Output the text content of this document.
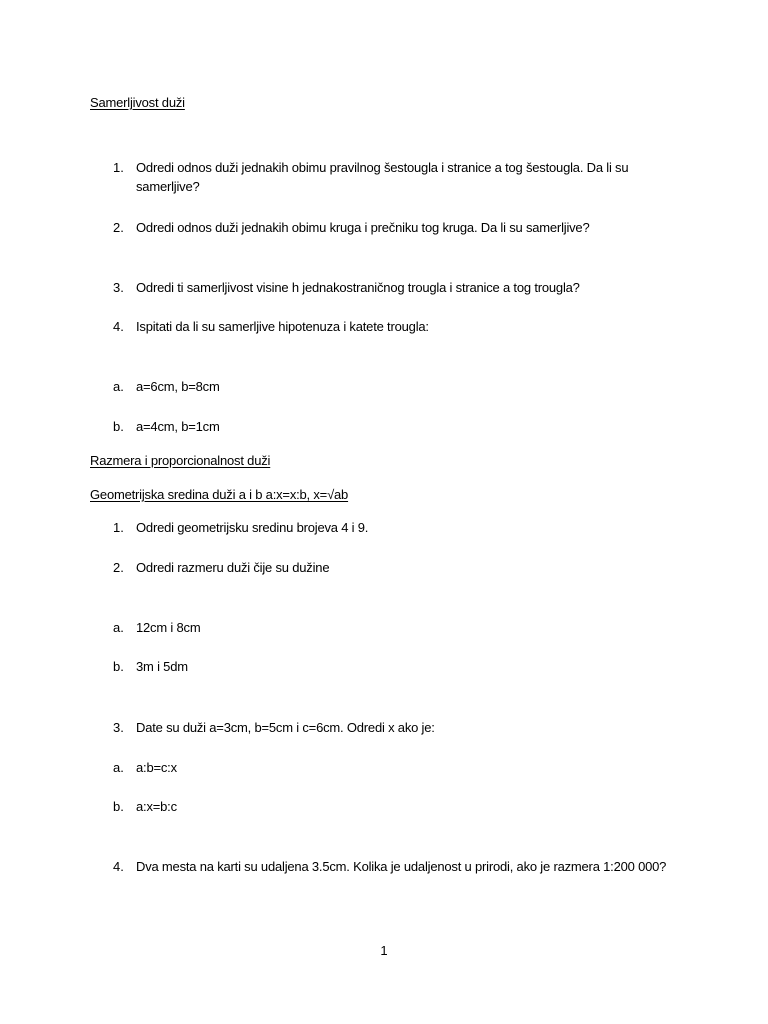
Samerljivost duži
1. Odredi odnos duži jednakih obimu pravilnog šestougla i stranice a tog šestougla. Da li su
samerljive?
2. Odredi odnos duži jednakih obimu kruga i prečniku tog kruga. Da li su samerljive?
3. Odredi ti samerljivost visine h jednakostraničnog trougla i stranice a tog trougla?
4. Ispitati da li su samerljive hipotenuza i katete trougla:
a. a=6cm, b=8cm
b. a=4cm, b=1cm
Razmera i proporcionalnost duži
Geometrijska sredina duži a i b a:x=x:b, x=√ab
1. Odredi geometrijsku sredinu brojeva 4 i 9.
2. Odredi razmeru duži čije su dužine
a. 12cm i 8cm
b. 3m i 5dm
3. Date su duži a=3cm, b=5cm i c=6cm. Odredi x ako je:
a. a:b=c:x
b. a:x=b:c
4. Dva mesta na karti su udaljena 3.5cm. Kolika je udaljenost u prirodi, ako je razmera 1:200 000?
1
